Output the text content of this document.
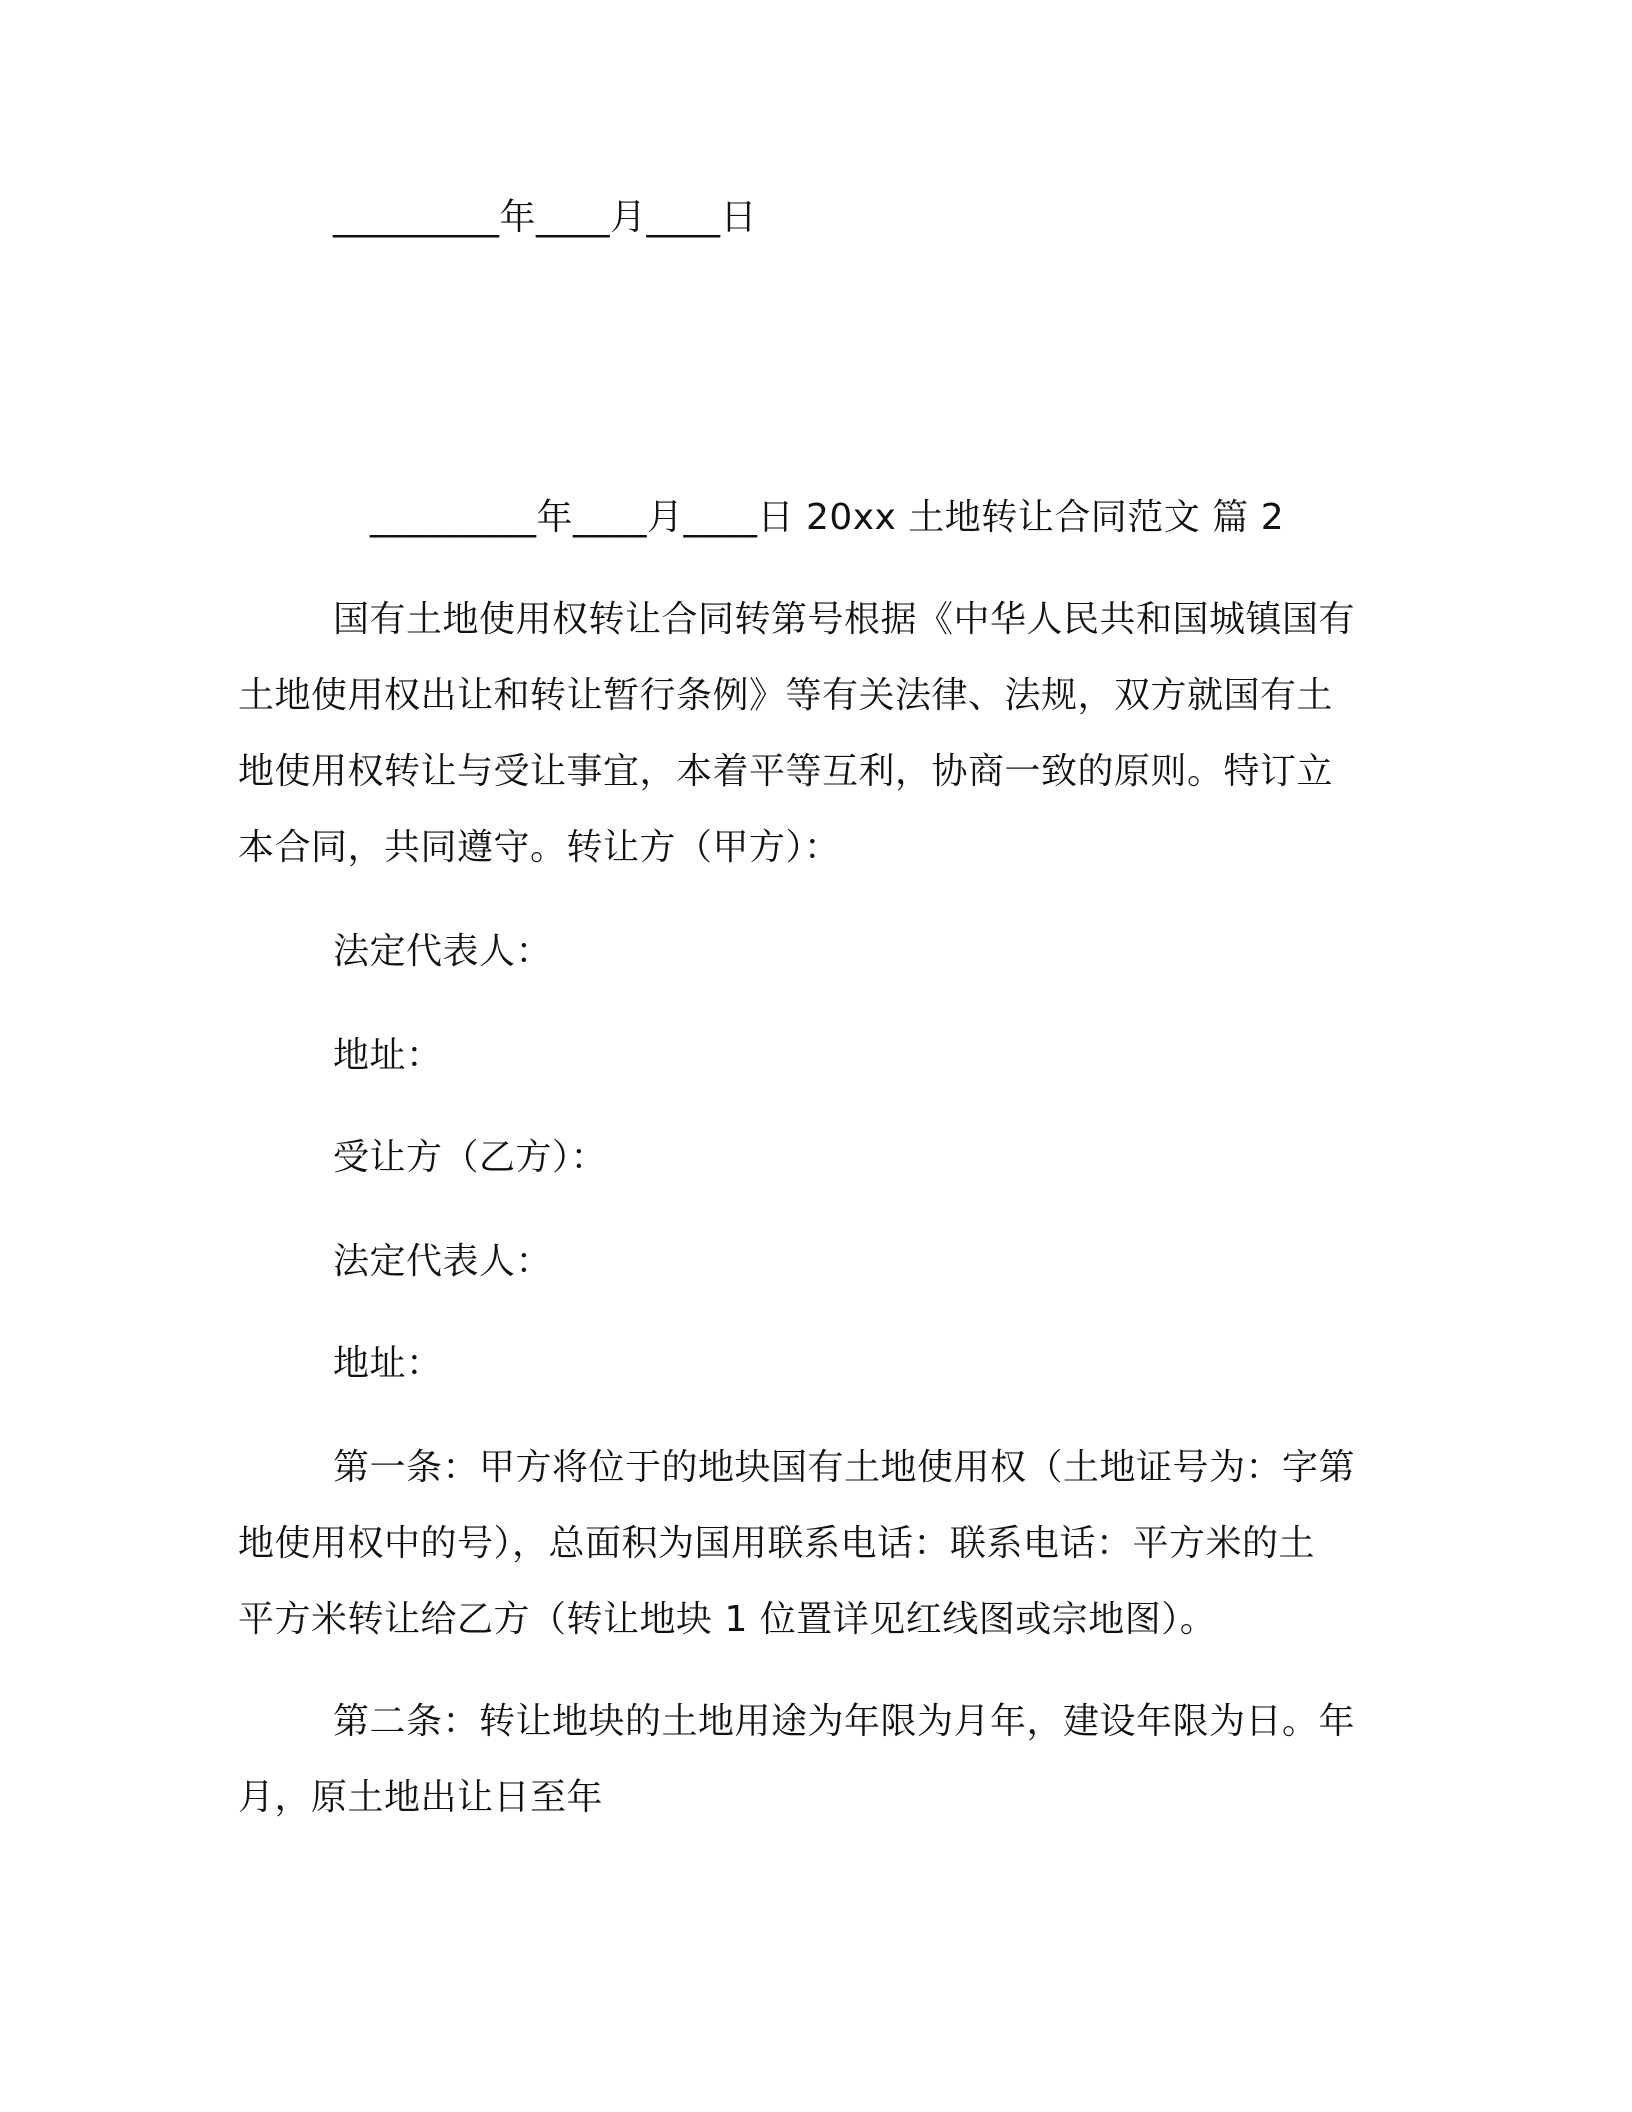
_________年____月____日
_________年____月____日 20xx 土地转让合同范文 篇 2
国有土地使用权转让合同转第号根据《中华人民共和国城镇国有
土地使用权出让和转让暂行条例》等有关法律、法规，双方就国有土
地使用权转让与受让事宜，本着平等互利，协商一致的原则。特订立
本合同，共同遵守。转让方（甲方）：
法定代表人：
地址：
受让方（乙方）：
法定代表人：
地址：
第一条：甲方将位于的地块国有土地使用权（土地证号为：字第
地使用权中的号），总面积为国用联系电话：联系电话：平方米的土
平方米转让给乙方（转让地块 1 位置详见红线图或宗地图）。
第二条：转让地块的土地用途为年限为月年，建设年限为日。年
月，原土地出让日至年
